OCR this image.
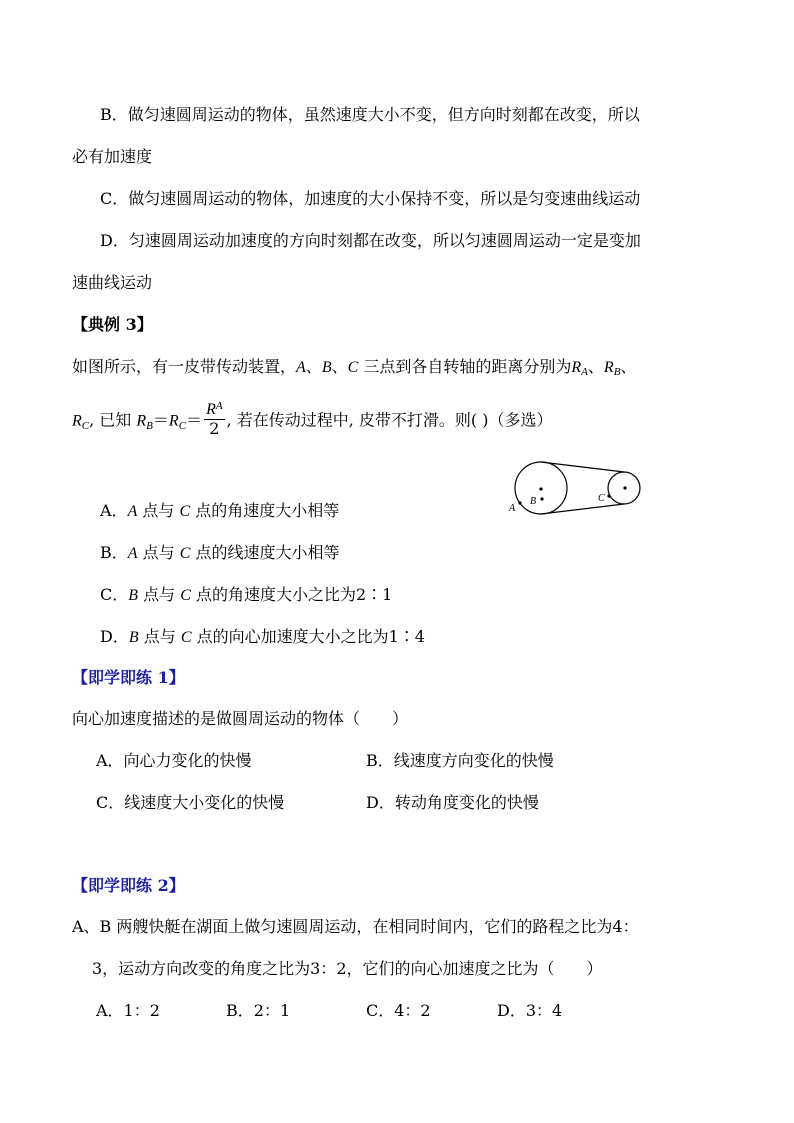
B．做匀速圆周运动的物体，虽然速度大小不变，但方向时刻都在改变，所以
必有加速度
C．做匀速圆周运动的物体，加速度的大小保持不变，所以是匀变速曲线运动
D．匀速圆周运动加速度的方向时刻都在改变，所以匀速圆周运动一定是变加
速曲线运动
【典例 3】
如图所示，有一皮带传动装置，A、B、C 三点到各自转轴的距离分别为$R_A$、$R_B$、
$R_C$, 已知 $R_B=R_C= \frac{R^A}{2}$ , 若在传动过程中, 皮带不打滑。则( )（多选）
A
B	C
A．A 点与 C 点的角速度大小相等
B．A 点与 C 点的线速度大小相等
C．B 点与 C 点的角速度大小之比为2∶1
D．B 点与 C 点的向心加速度大小之比为1∶4
【即学即练 1】
向心加速度描述的是做圆周运动的物体（　　）
A．向心力变化的快慢	B．线速度方向变化的快慢
C．线速度大小变化的快慢	D．转动角度变化的快慢
【即学即练 2】
A、B 两艘快艇在湖面上做匀速圆周运动，在相同时间内，它们的路程之比为4：
3，运动方向改变的角度之比为3：2，它们的向心加速度之比为（　　）
A．1：2	B．2：1	C．4：2	D．3：4
